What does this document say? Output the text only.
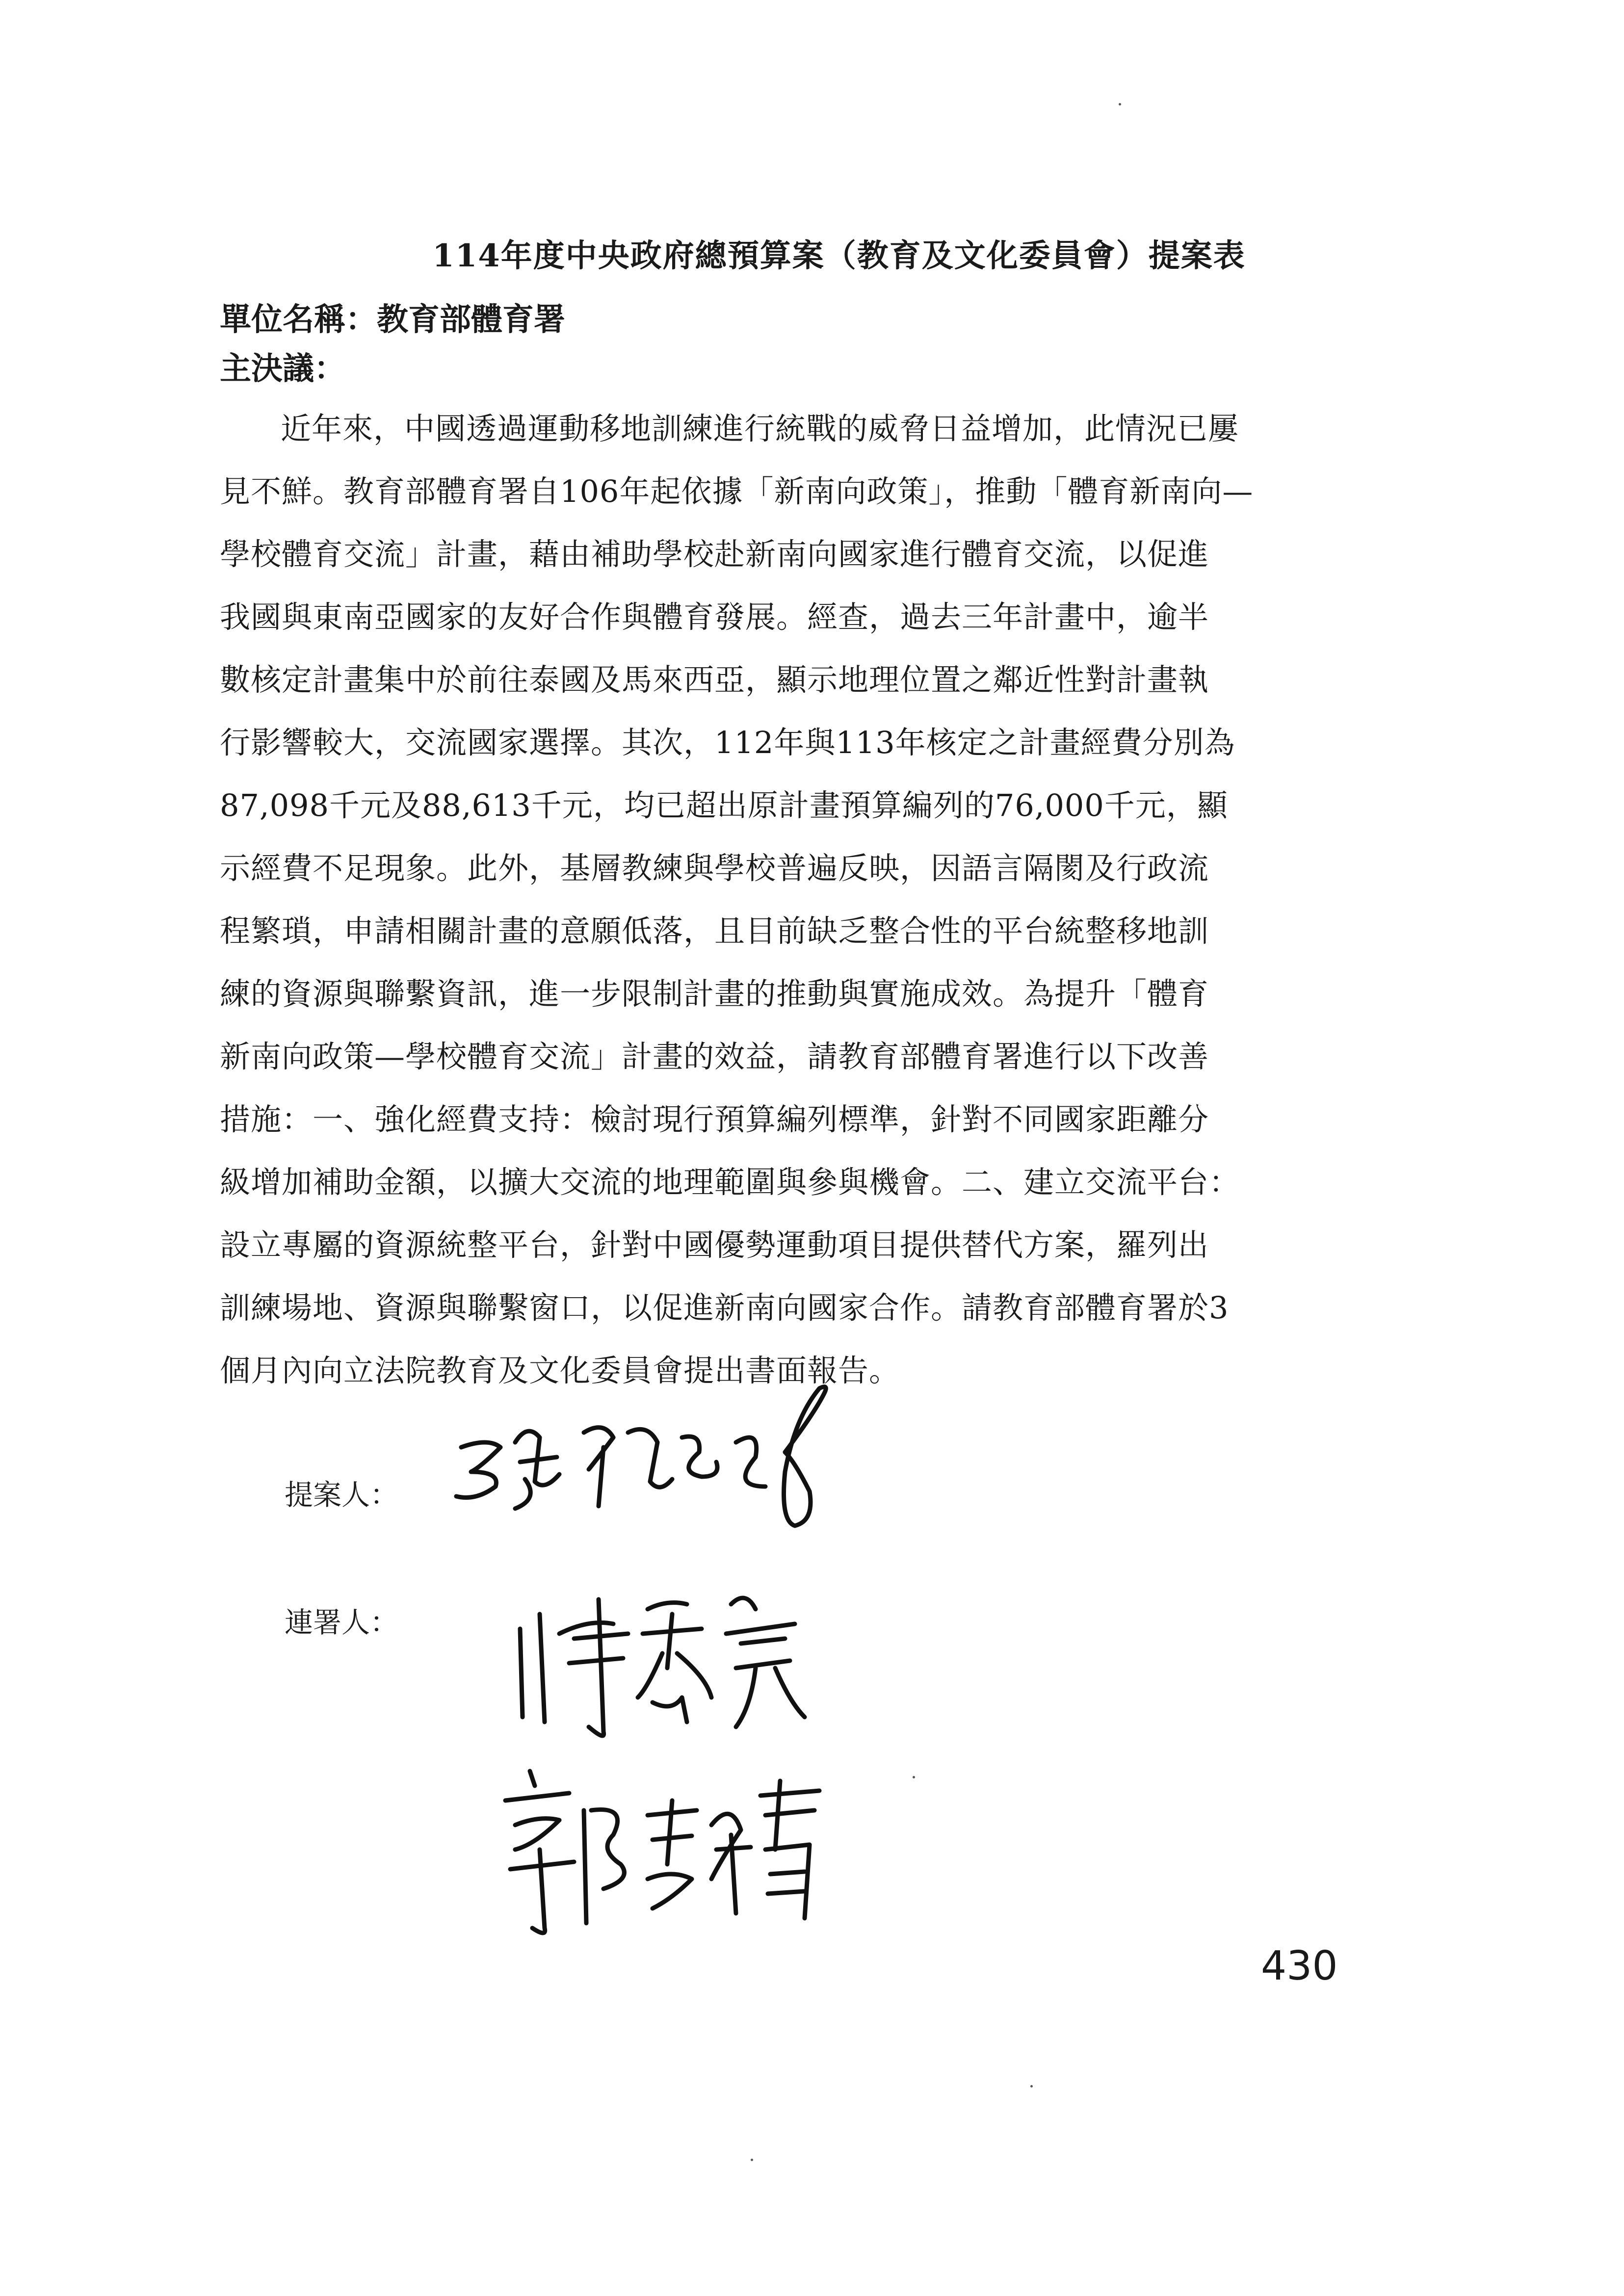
114年度中央政府總預算案（教育及文化委員會）提案表
單位名稱：教育部體育署
主決議：
近年來，中國透過運動移地訓練進行統戰的威脅日益增加，此情況已屢
見不鮮。教育部體育署自106年起依據「新南向政策」，推動「體育新南向—
學校體育交流」計畫，藉由補助學校赴新南向國家進行體育交流，以促進
我國與東南亞國家的友好合作與體育發展。經查，過去三年計畫中，逾半
數核定計畫集中於前往泰國及馬來西亞，顯示地理位置之鄰近性對計畫執
行影響較大，交流國家選擇。其次，112年與113年核定之計畫經費分別為
87,098千元及88,613千元，均已超出原計畫預算編列的76,000千元，顯
示經費不足現象。此外，基層教練與學校普遍反映，因語言隔閡及行政流
程繁瑣，申請相關計畫的意願低落，且目前缺乏整合性的平台統整移地訓
練的資源與聯繫資訊，進一步限制計畫的推動與實施成效。為提升「體育
新南向政策—學校體育交流」計畫的效益，請教育部體育署進行以下改善
措施：一、強化經費支持：檢討現行預算編列標準，針對不同國家距離分
級增加補助金額，以擴大交流的地理範圍與參與機會。二、建立交流平台：
設立專屬的資源統整平台，針對中國優勢運動項目提供替代方案，羅列出
訓練場地、資源與聯繫窗口，以促進新南向國家合作。請教育部體育署於3
個月內向立法院教育及文化委員會提出書面報告。
提案人：
連署人：
430
